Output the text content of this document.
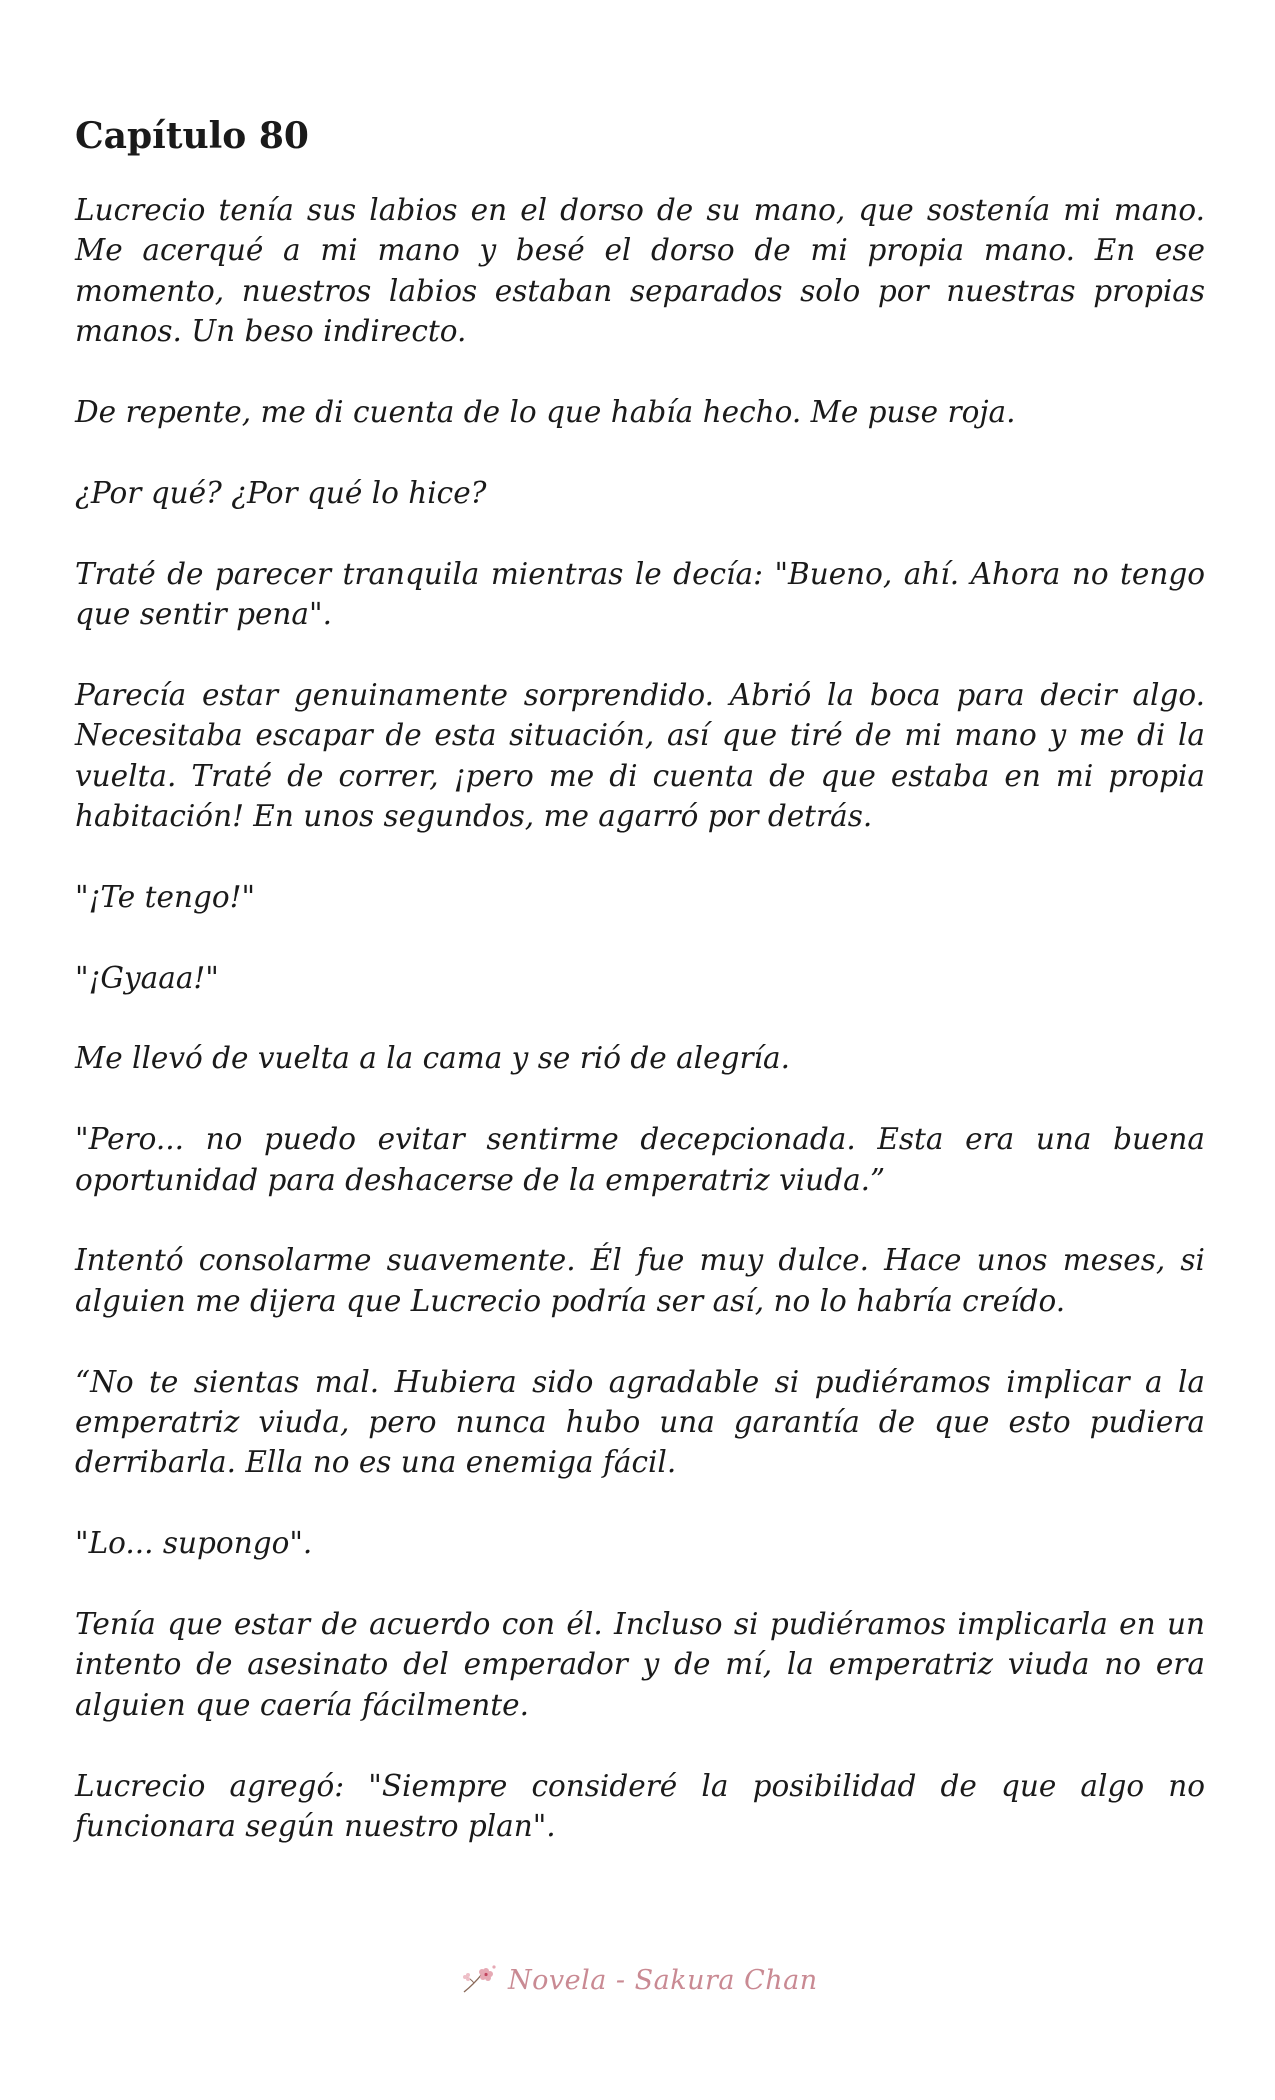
Capítulo 80

Lucrecio tenía sus labios en el dorso de su mano, que sostenía mi mano. Me acerqué a mi mano y besé el dorso de mi propia mano. En ese momento, nuestros labios estaban separados solo por nuestras propias manos. Un beso indirecto.

De repente, me di cuenta de lo que había hecho. Me puse roja.

¿Por qué? ¿Por qué lo hice?

Traté de parecer tranquila mientras le decía: "Bueno, ahí. Ahora no tengo que sentir pena".

Parecía estar genuinamente sorprendido. Abrió la boca para decir algo. Necesitaba escapar de esta situación, así que tiré de mi mano y me di la vuelta. Traté de correr, ¡pero me di cuenta de que estaba en mi propia habitación! En unos segundos, me agarró por detrás.

"¡Te tengo!"

"¡Gyaaa!"

Me llevó de vuelta a la cama y se rió de alegría.

"Pero... no puedo evitar sentirme decepcionada. Esta era una buena oportunidad para deshacerse de la emperatriz viuda.”

Intentó consolarme suavemente. Él fue muy dulce. Hace unos meses, si alguien me dijera que Lucrecio podría ser así, no lo habría creído.

“No te sientas mal. Hubiera sido agradable si pudiéramos implicar a la emperatriz viuda, pero nunca hubo una garantía de que esto pudiera derribarla. Ella no es una enemiga fácil.

"Lo... supongo".

Tenía que estar de acuerdo con él. Incluso si pudiéramos implicarla en un intento de asesinato del emperador y de mí, la emperatriz viuda no era alguien que caería fácilmente.

Lucrecio agregó: "Siempre consideré la posibilidad de que algo no funcionara según nuestro plan".

Novela - Sakura Chan
